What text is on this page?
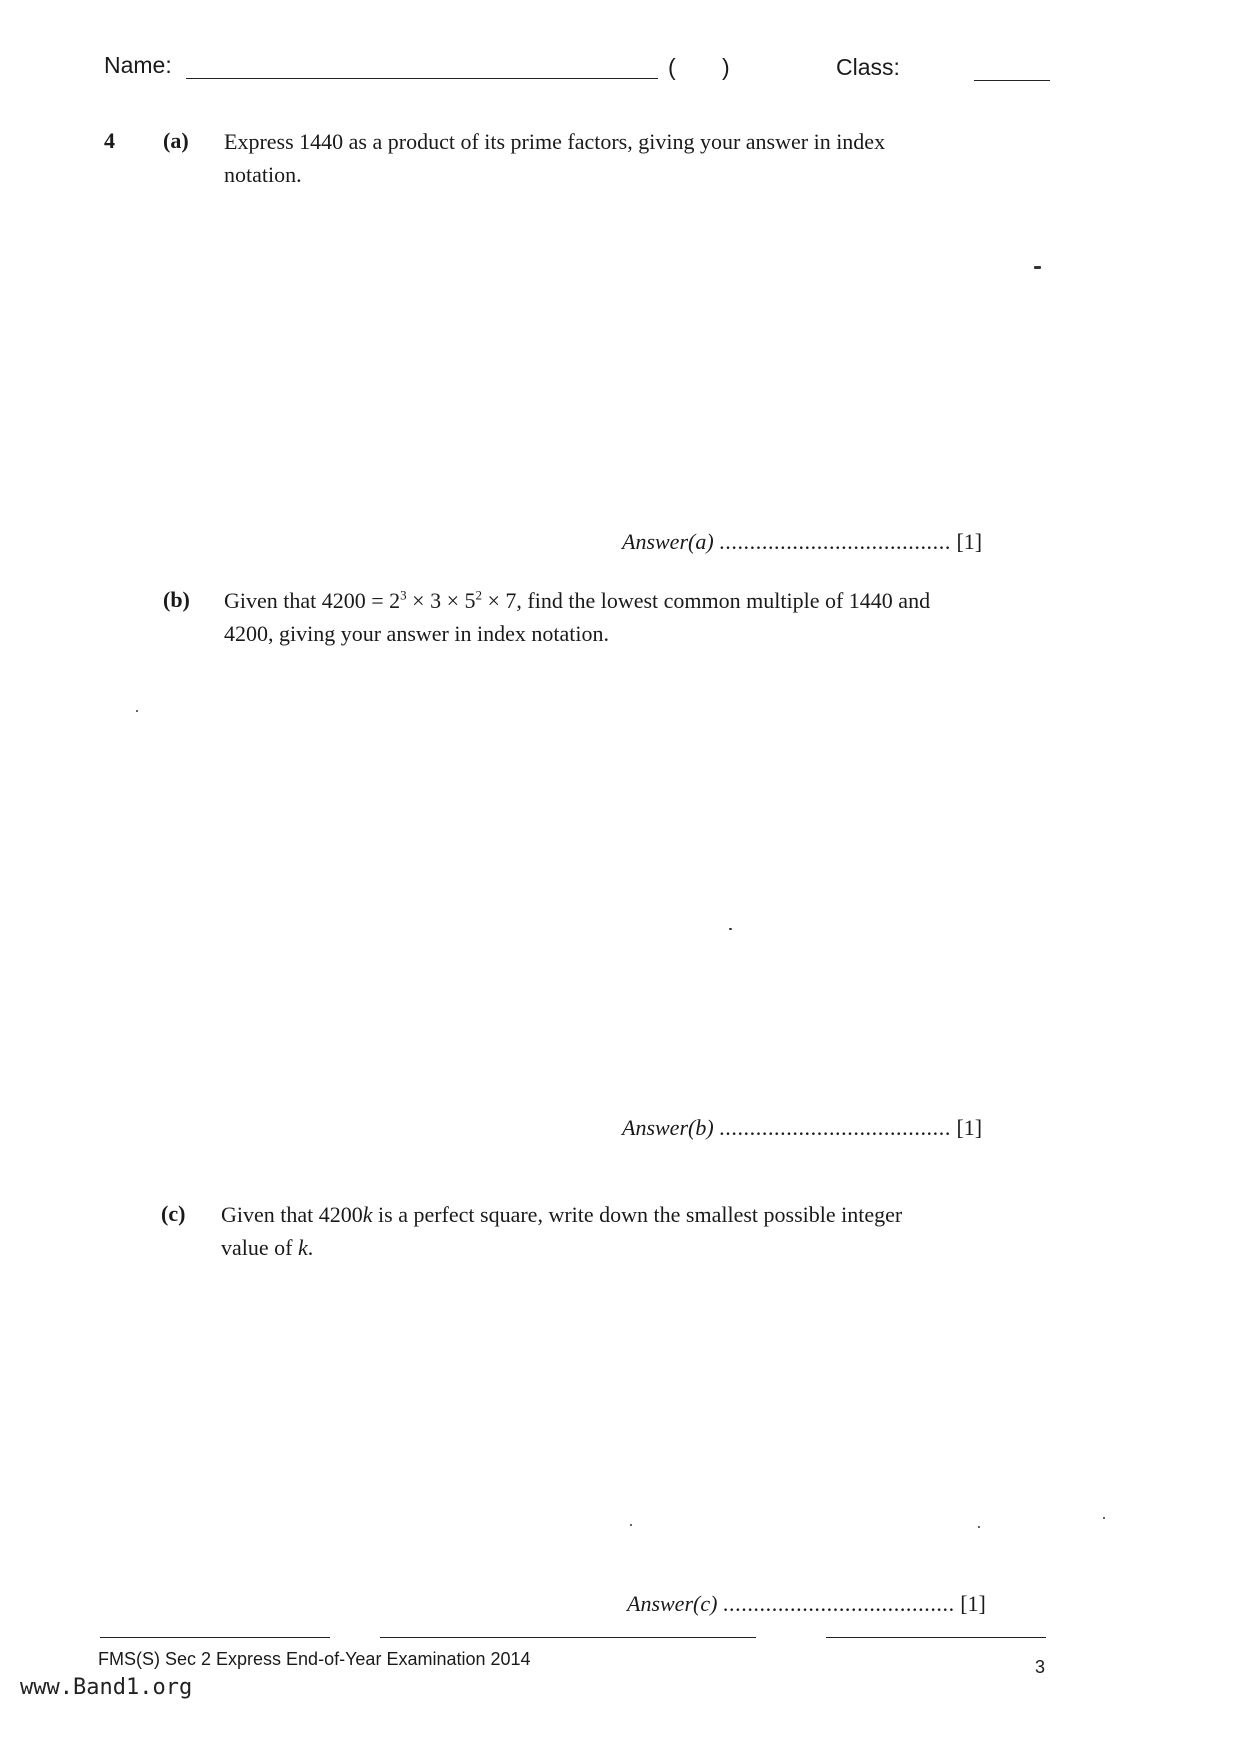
Name:	( )	Class:
4 (a) Express 1440 as a product of its prime factors, giving your answer in index
notation.
Answer(a) ...................................... [1]
(b) Given that $4200 = 2^3 \times 3 \times 5^2 \times 7$, find the lowest common multiple of 1440 and
4200, giving your answer in index notation.
Answer(b) ...................................... [1]
(c) Given that 4200k is a perfect square, write down the smallest possible integer
value of k.
Answer(c) ...................................... [1]
FMS(S) Sec 2 Express End-of-Year Examination 2014	3
www.Band1.org
